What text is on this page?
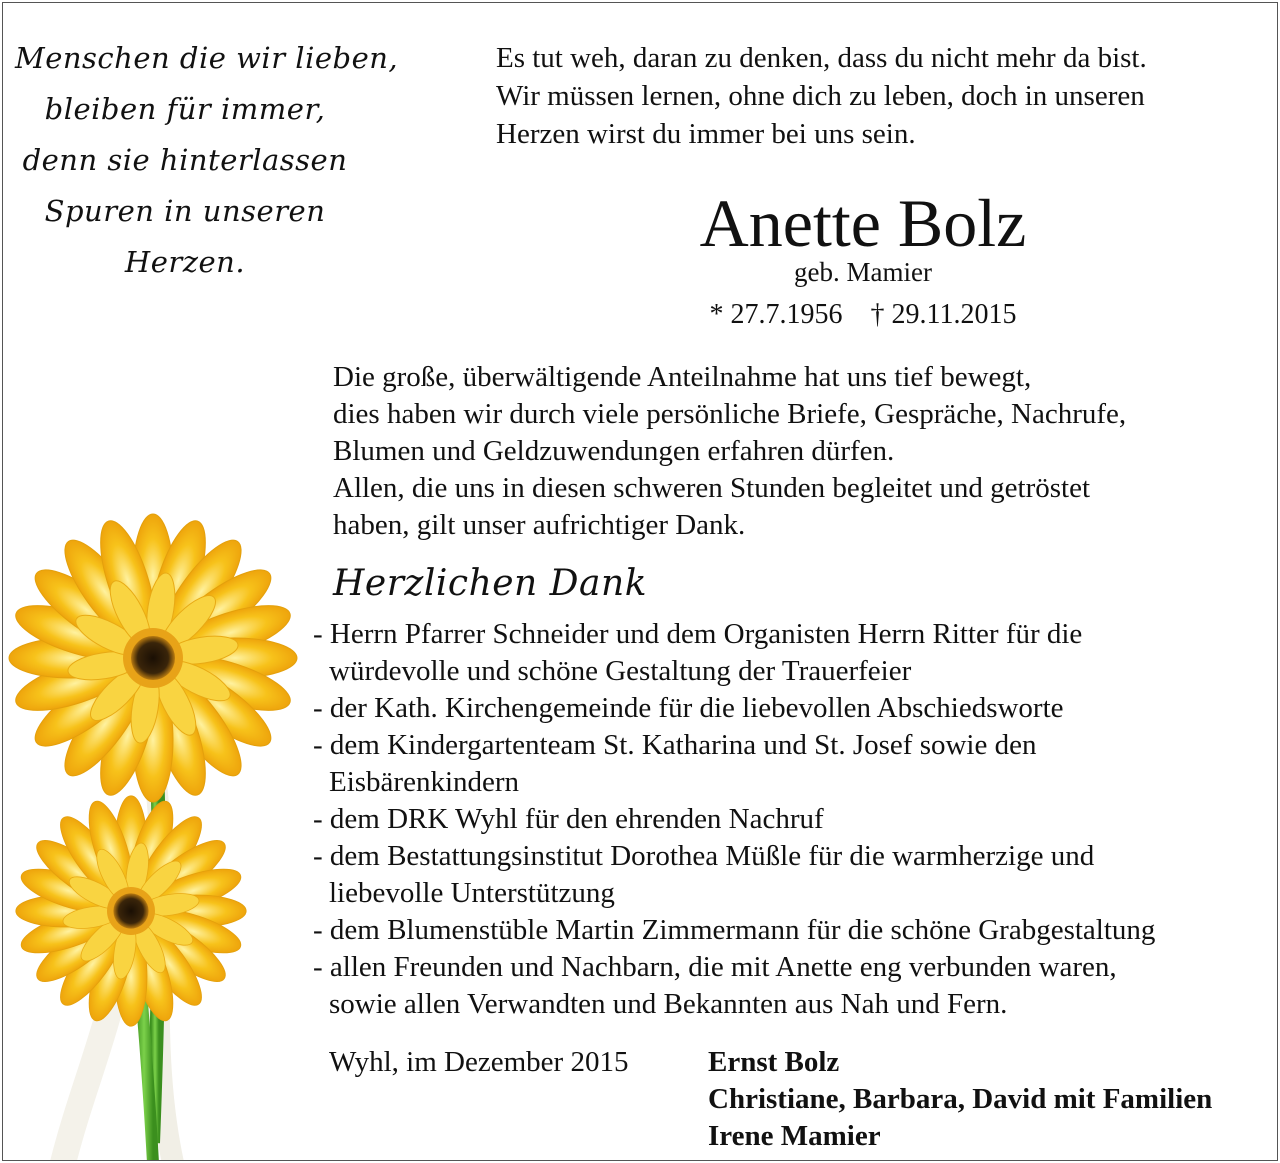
Menschen die wir lieben,
bleiben für immer,
denn sie hinterlassen
Spuren in unseren
Herzen.
Es tut weh, daran zu denken, dass du nicht mehr da bist.
Wir müssen lernen, ohne dich zu leben, doch in unseren
Herzen wirst du immer bei uns sein.
Anette Bolz
geb. Mamier
* 27.7.1956    † 29.11.2015
Die große, überwältigende Anteilnahme hat uns tief bewegt,
dies haben wir durch viele persönliche Briefe, Gespräche, Nachrufe,
Blumen und Geldzuwendungen erfahren dürfen.
Allen, die uns in diesen schweren Stunden begleitet und getröstet
haben, gilt unser aufrichtiger Dank.
Herzlichen Dank
- Herrn Pfarrer Schneider und dem Organisten Herrn Ritter für die
würdevolle und schöne Gestaltung der Trauerfeier
- der Kath. Kirchengemeinde für die liebevollen Abschiedsworte
- dem Kindergartenteam St. Katharina und St. Josef sowie den
Eisbärenkindern
- dem DRK Wyhl für den ehrenden Nachruf
- dem Bestattungsinstitut Dorothea Müßle für die warmherzige und
liebevolle Unterstützung
- dem Blumenstüble Martin Zimmermann für die schöne Grabgestaltung
- allen Freunden und Nachbarn, die mit Anette eng verbunden waren,
sowie allen Verwandten und Bekannten aus Nah und Fern.
Wyhl, im Dezember 2015	Ernst Bolz
Christiane, Barbara, David mit Familien
Irene Mamier
